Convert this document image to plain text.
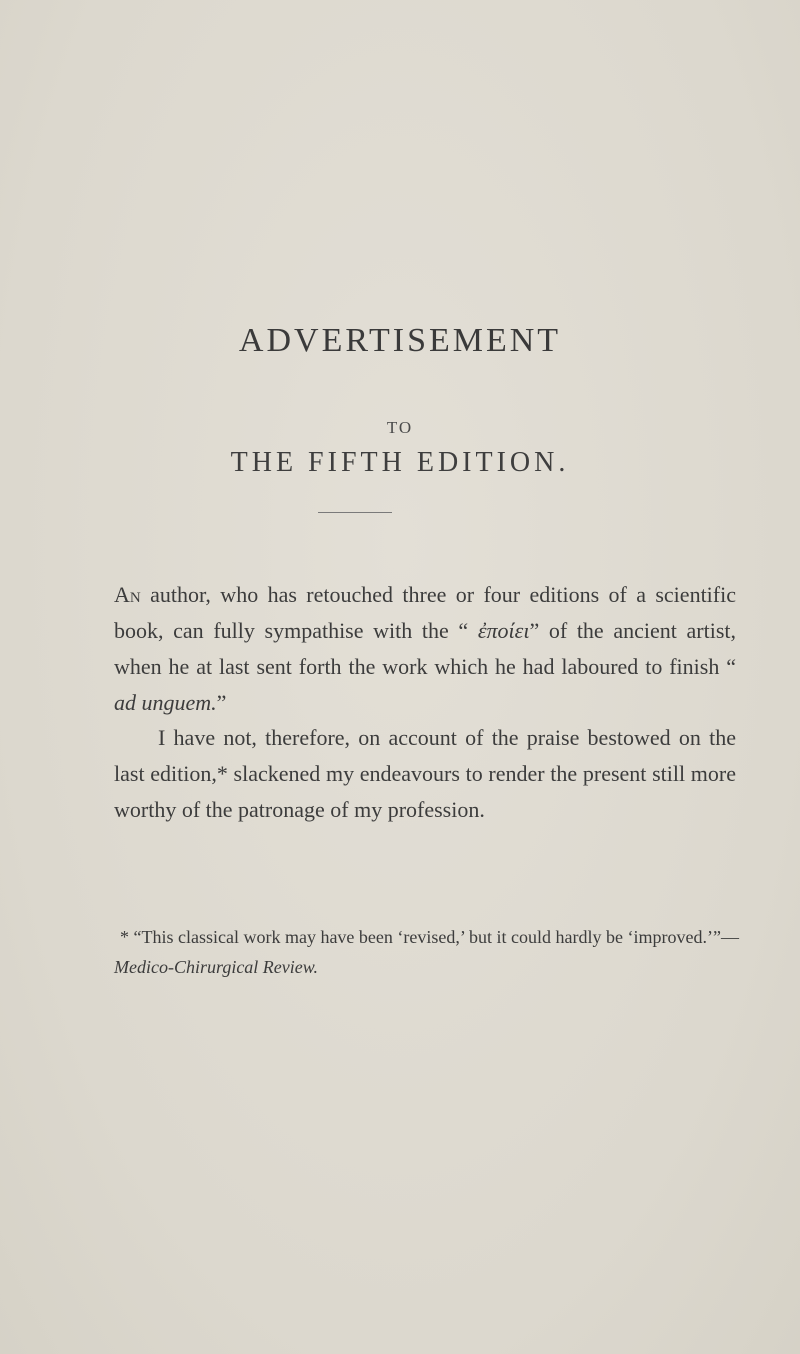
ADVERTISEMENT
TO
THE FIFTH EDITION.
An author, who has retouched three or four editions of a scientific book, can fully sympathise with the “ ἐποίει” of the ancient artist, when he at last sent forth the work which he had laboured to finish “ ad unguem.”
I have not, therefore, on account of the praise bestowed on the last edition,* slackened my endeavours to render the present still more worthy of the patronage of my profession.
* “This classical work may have been ‘revised,’ but it could hardly be ‘improved.’”—Medico-Chirurgical Review.
